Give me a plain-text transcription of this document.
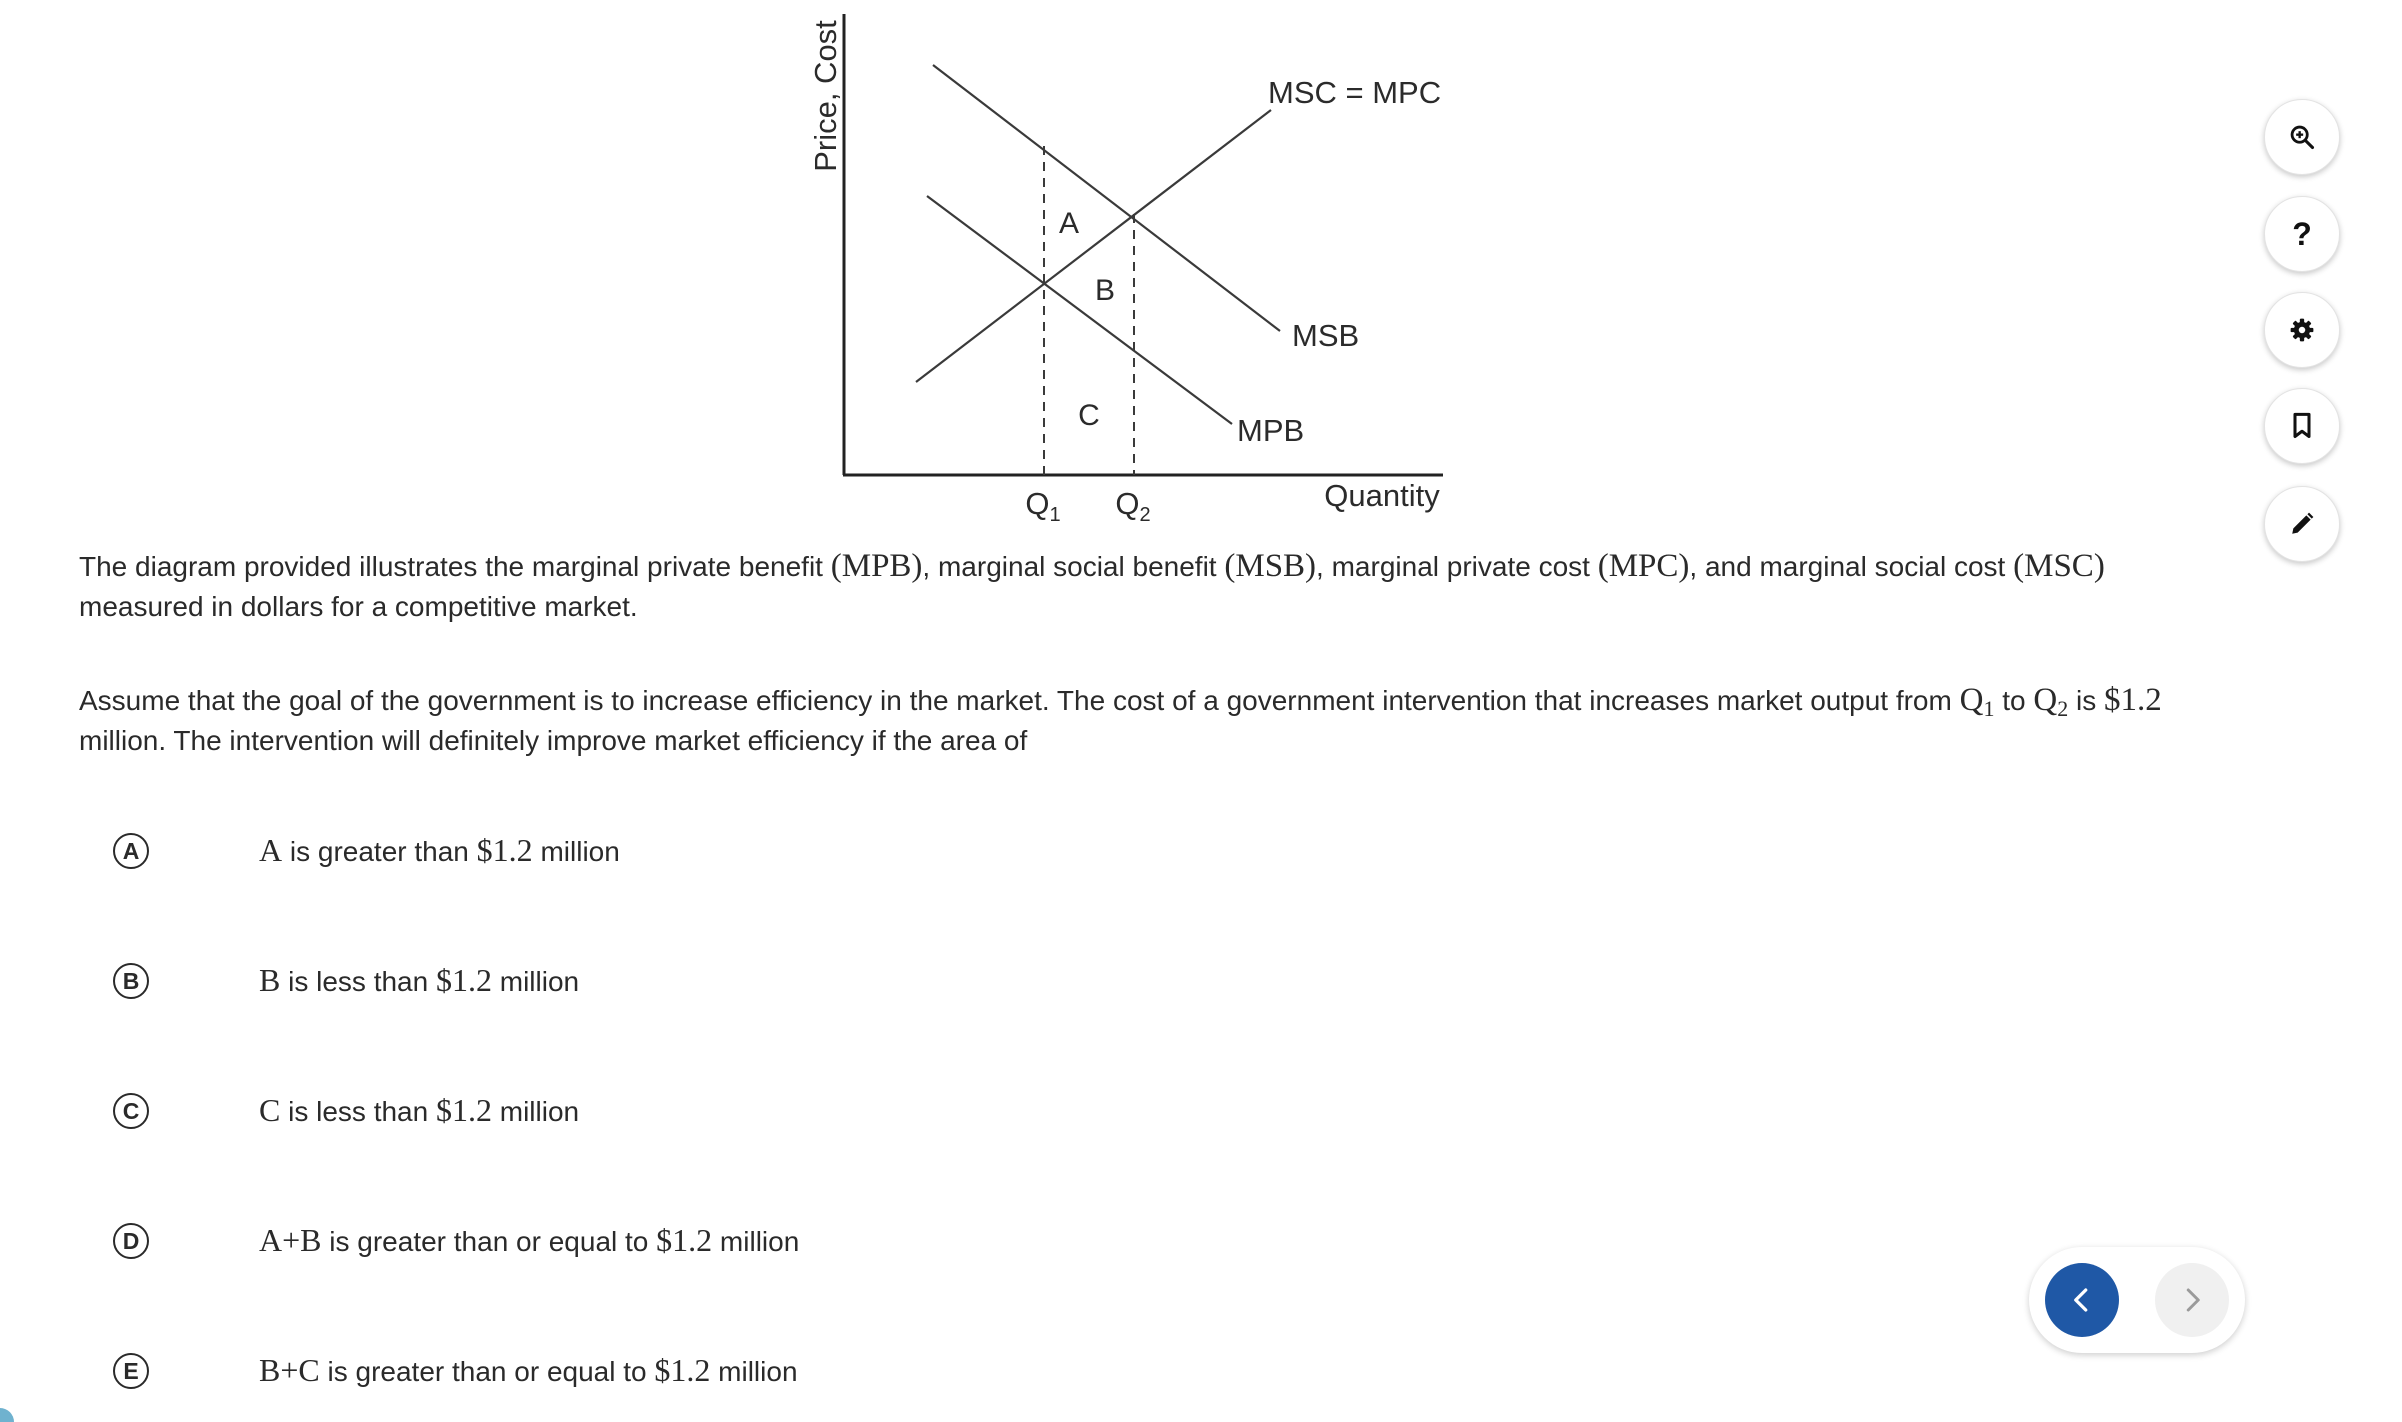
Price, Cost
Quantity
MSC = MPC
MSB
MPB
A
B
C
$Q_1$ $Q_2$

The diagram provided illustrates the marginal private benefit (MPB), marginal social benefit (MSB), marginal private cost (MPC), and marginal social cost (MSC) measured in dollars for a competitive market.

Assume that the goal of the government is to increase efficiency in the market. The cost of a government intervention that increases market output from $Q_1$ to $Q_2$ is $1.2 million. The intervention will definitely improve market efficiency if the area of

A	A is greater than $1.2 million
B	B is less than $1.2 million
C	C is less than $1.2 million
D	A+B is greater than or equal to $1.2 million
E	B+C is greater than or equal to $1.2 million
?
